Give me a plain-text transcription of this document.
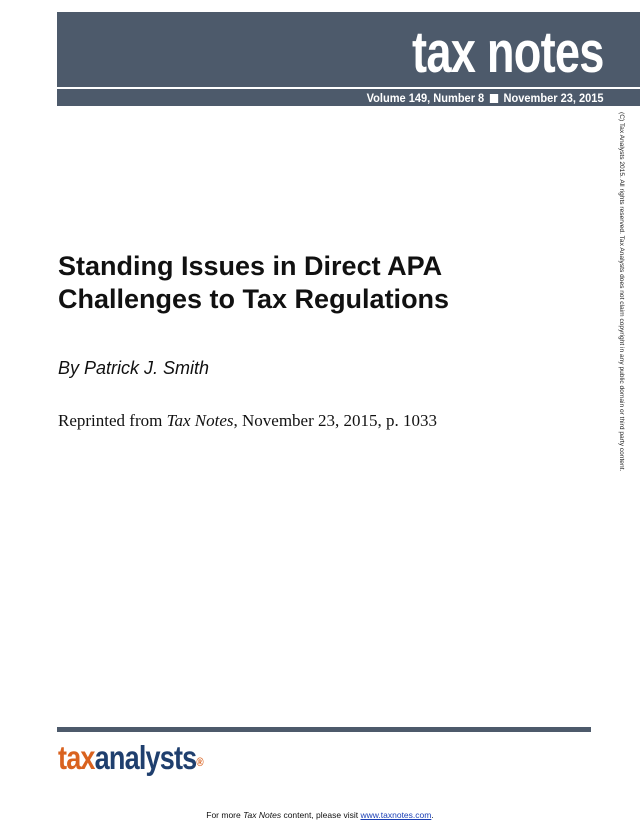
tax notes
Volume 149, Number 8 November 23, 2015
(C) Tax Analysts 2015. All rights reserved. Tax Analysts does not claim copyright in any public domain or third party content.
Standing Issues in Direct APA Challenges to Tax Regulations

By Patrick J. Smith

Reprinted from Tax Notes, November 23, 2015, p. 1033

taxanalysts®
For more Tax Notes content, please visit www.taxnotes.com.
